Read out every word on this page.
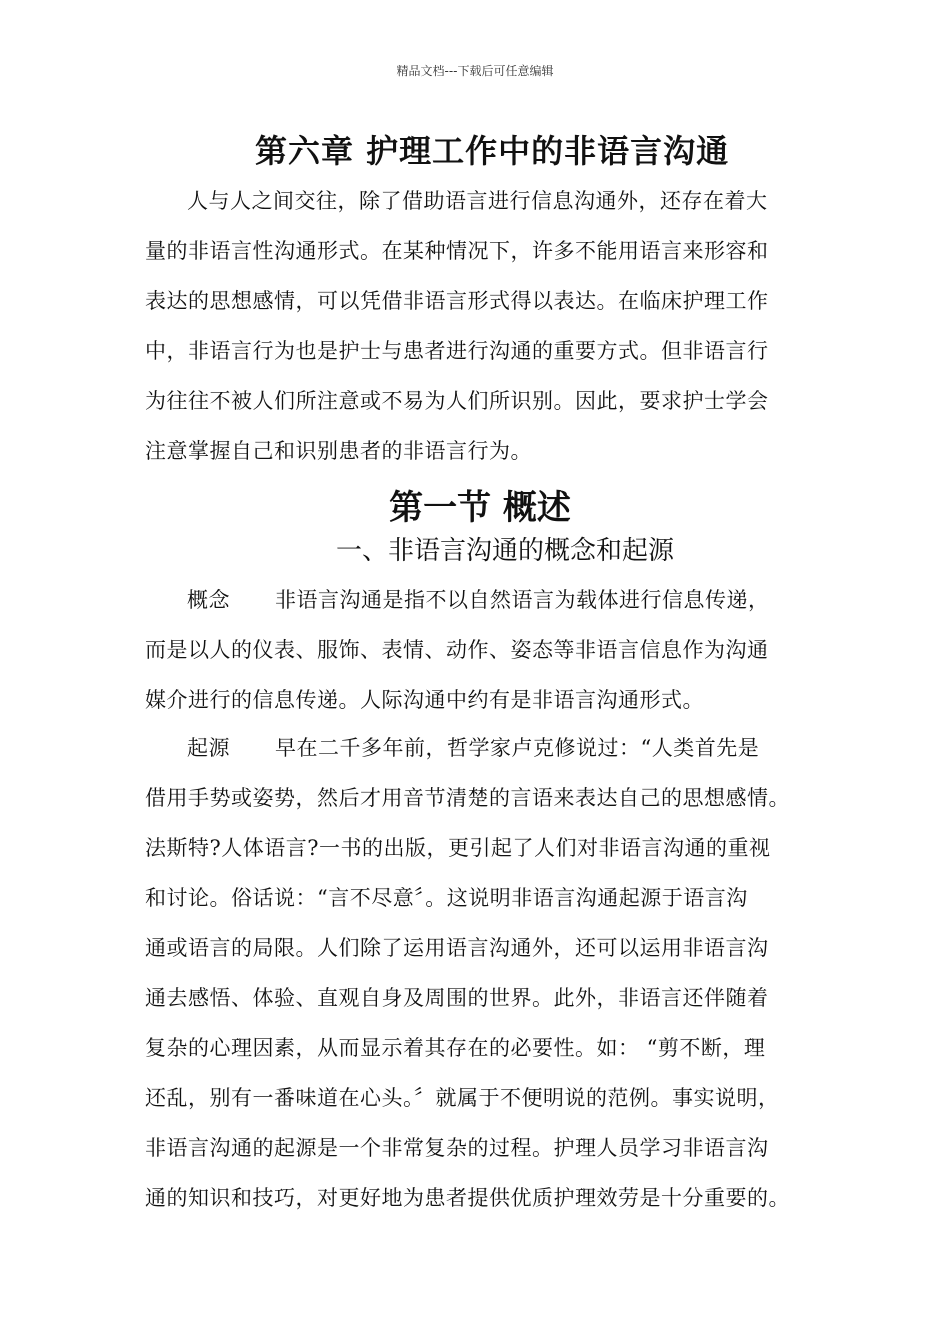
精品文档---下载后可任意编辑
第六章 护理工作中的非语言沟通
人与人之间交往，除了借助语言进行信息沟通外，还存在着大
量的非语言性沟通形式。在某种情况下，许多不能用语言来形容和
表达的思想感情，可以凭借非语言形式得以表达。在临床护理工作
中，非语言行为也是护士与患者进行沟通的重要方式。但非语言行
为往往不被人们所注意或不易为人们所识别。因此，要求护士学会
注意掌握自己和识别患者的非语言行为。
第一节 概述
一、非语言沟通的概念和起源
概念 非语言沟通是指不以自然语言为载体进行信息传递，
而是以人的仪表、服饰、表情、动作、姿态等非语言信息作为沟通
媒介进行的信息传递。人际沟通中约有是非语言沟通形式。
起源 早在二千多年前，哲学家卢克修说过：“人类首先是
借用手势或姿势，然后才用音节清楚的言语来表达自己的思想感情。
法斯特?人体语言?一书的出版，更引起了人们对非语言沟通的重视
和讨论。俗话说：“言不尽意〞。这说明非语言沟通起源于语言沟
通或语言的局限。人们除了运用语言沟通外，还可以运用非语言沟
通去感悟、体验、直观自身及周围的世界。此外，非语言还伴随着
复杂的心理因素，从而显示着其存在的必要性。如： “剪不断，理
还乱，别有一番味道在心头。〞就属于不便明说的范例。事实说明，
非语言沟通的起源是一个非常复杂的过程。护理人员学习非语言沟
通的知识和技巧，对更好地为患者提供优质护理效劳是十分重要的。
